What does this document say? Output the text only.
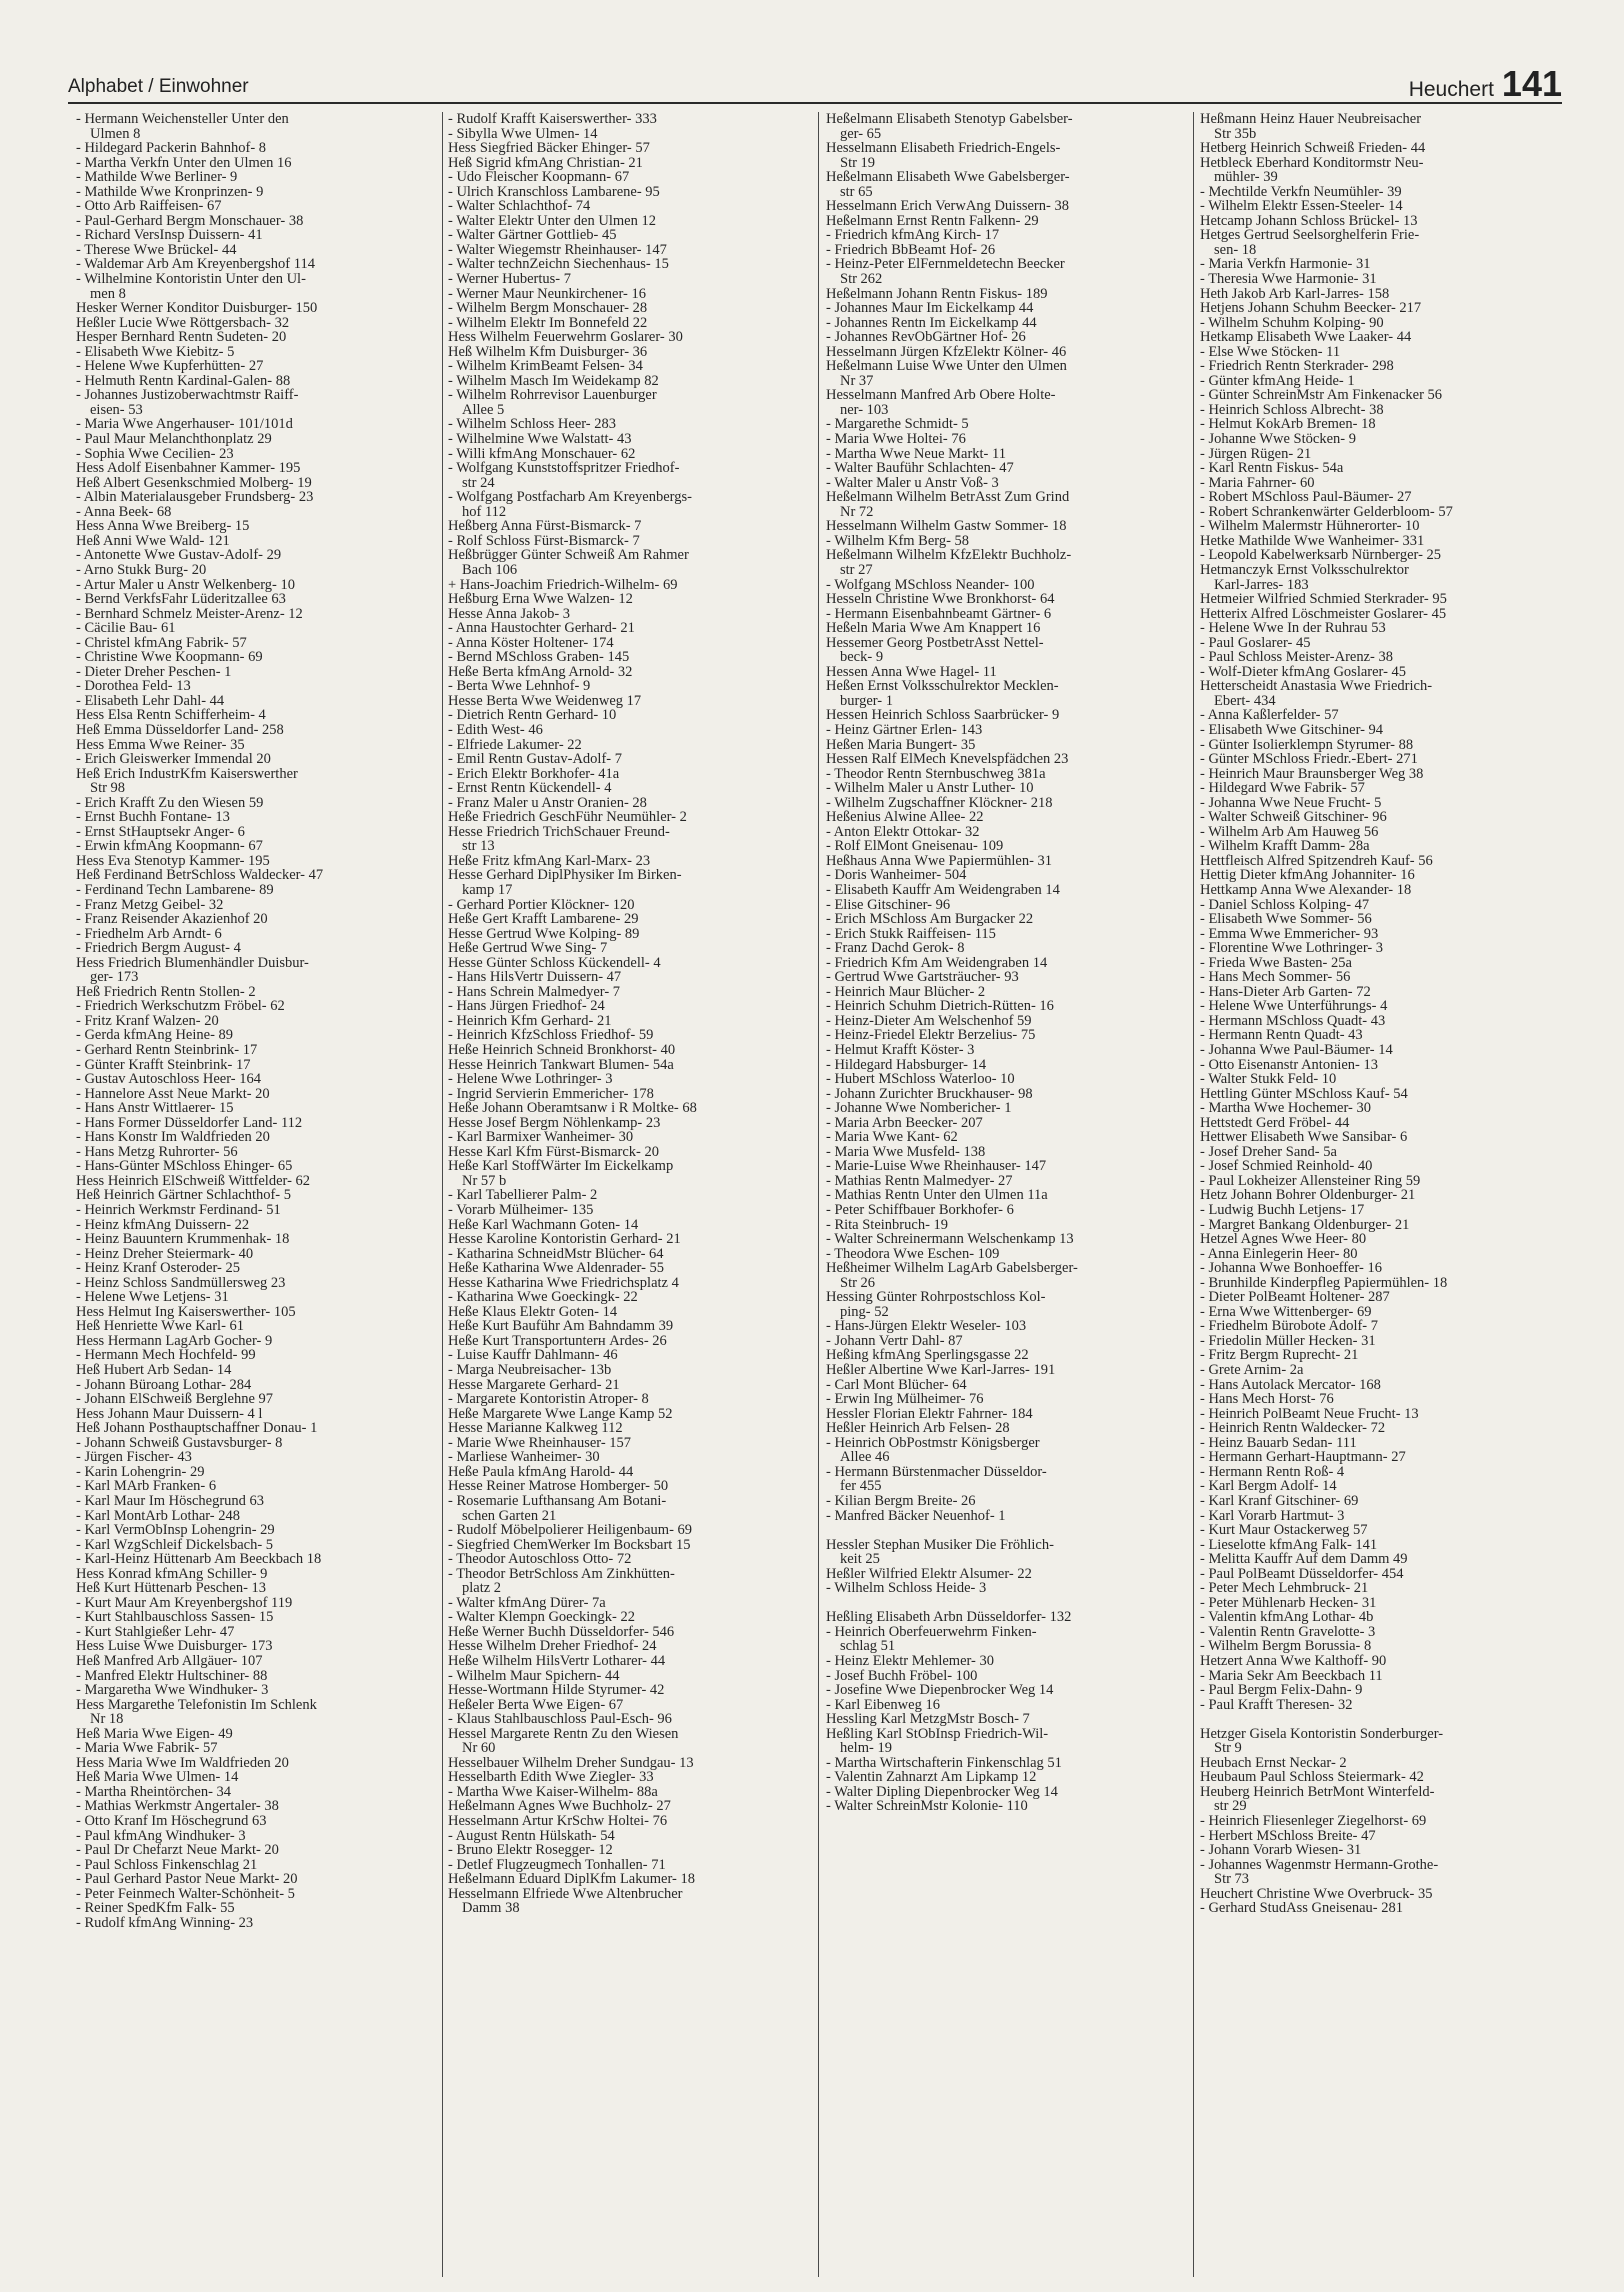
Alphabet / Einwohner	Heuchert 141
- Hermann Weichensteller Unter den
Ulmen 8
- Hildegard Packerin Bahnhof- 8
- Martha Verkfn Unter den Ulmen 16
- Mathilde Wwe Berliner- 9
- Mathilde Wwe Kronprinzen- 9
- Otto Arb Raiffeisen- 67
- Paul-Gerhard Bergm Monschauer- 38
- Richard VersInsp Duissern- 41
- Therese Wwe Brückel- 44
- Waldemar Arb Am Kreyenbergshof 114
- Wilhelmine Kontoristin Unter den Ul-
men 8
Hesker Werner Konditor Duisburger- 150
Heßler Lucie Wwe Röttgersbach- 32
Hesper Bernhard Rentn Sudeten- 20
- Elisabeth Wwe Kiebitz- 5
- Helene Wwe Kupferhütten- 27
- Helmuth Rentn Kardinal-Galen- 88
- Johannes Justizoberwachtmstr Raiff-
eisen- 53
- Maria Wwe Angerhauser- 101/101d
- Paul Maur Melanchthonplatz 29
- Sophia Wwe Cecilien- 23
Hess Adolf Eisenbahner Kammer- 195
Heß Albert Gesenkschmied Molberg- 19
- Albin Materialausgeber Frundsberg- 23
- Anna Beek- 68
Hess Anna Wwe Breiberg- 15
Heß Anni Wwe Wald- 121
- Antonette Wwe Gustav-Adolf- 29
- Arno Stukk Burg- 20
- Artur Maler u Anstr Welkenberg- 10
- Bernd VerkfsFahr Lüderitzallee 63
- Bernhard Schmelz Meister-Arenz- 12
- Cäcilie Bau- 61
- Christel kfmAng Fabrik- 57
- Christine Wwe Koopmann- 69
- Dieter Dreher Peschen- 1
- Dorothea Feld- 13
- Elisabeth Lehr Dahl- 44
Hess Elsa Rentn Schifferheim- 4
Heß Emma Düsseldorfer Land- 258
Hess Emma Wwe Reiner- 35
- Erich Gleiswerker Immendal 20
Heß Erich IndustrKfm Kaiserswerther
Str 98
- Erich Krafft Zu den Wiesen 59
- Ernst Buchh Fontane- 13
- Ernst StHauptsekr Anger- 6
- Erwin kfmAng Koopmann- 67
Hess Eva Stenotyp Kammer- 195
Heß Ferdinand BetrSchloss Waldecker- 47
- Ferdinand Techn Lambarene- 89
- Franz Metzg Geibel- 32
- Franz Reisender Akazienhof 20
- Friedhelm Arb Arndt- 6
- Friedrich Bergm August- 4
Hess Friedrich Blumenhändler Duisbur-
ger- 173
Heß Friedrich Rentn Stollen- 2
- Friedrich Werkschutzm Fröbel- 62
- Fritz Kranf Walzen- 20
- Gerda kfmAng Heine- 89
- Gerhard Rentn Steinbrink- 17
- Günter Krafft Steinbrink- 17
- Gustav Autoschloss Heer- 164
- Hannelore Asst Neue Markt- 20
- Hans Anstr Wittlaerer- 15
- Hans Former Düsseldorfer Land- 112
- Hans Konstr Im Waldfrieden 20
- Hans Metzg Ruhrorter- 56
- Hans-Günter MSchloss Ehinger- 65
Hess Heinrich ElSchweiß Wittfelder- 62
Heß Heinrich Gärtner Schlachthof- 5
- Heinrich Werkmstr Ferdinand- 51
- Heinz kfmAng Duissern- 22
- Heinz Bauuntern Krummenhak- 18
- Heinz Dreher Steiermark- 40
- Heinz Kranf Osteroder- 25
- Heinz Schloss Sandmüllersweg 23
- Helene Wwe Letjens- 31
Hess Helmut Ing Kaiserswerther- 105
Heß Henriette Wwe Karl- 61
Hess Hermann LagArb Gocher- 9
- Hermann Mech Hochfeld- 99
Heß Hubert Arb Sedan- 14
- Johann Büroang Lothar- 284
- Johann ElSchweiß Berglehne 97
Hess Johann Maur Duissern- 4 l
Heß Johann Posthauptschaffner Donau- 1
- Johann Schweiß Gustavsburger- 8
- Jürgen Fischer- 43
- Karin Lohengrin- 29
- Karl MArb Franken- 6
- Karl Maur Im Höschegrund 63
- Karl MontArb Lothar- 248
- Karl VermObInsp Lohengrin- 29
- Karl WzgSchleif Dickelsbach- 5
- Karl-Heinz Hüttenarb Am Beeckbach 18
Hess Konrad kfmAng Schiller- 9
Heß Kurt Hüttenarb Peschen- 13
- Kurt Maur Am Kreyenbergshof 119
- Kurt Stahlbauschloss Sassen- 15
- Kurt Stahlgießer Lehr- 47
Hess Luise Wwe Duisburger- 173
Heß Manfred Arb Allgäuer- 107
- Manfred Elektr Hultschiner- 88
- Margaretha Wwe Windhuker- 3
Hess Margarethe Telefonistin Im Schlenk
Nr 18
Heß Maria Wwe Eigen- 49
- Maria Wwe Fabrik- 57
Hess Maria Wwe Im Waldfrieden 20
Heß Maria Wwe Ulmen- 14
- Martha Rheintörchen- 34
- Mathias Werkmstr Angertaler- 38
- Otto Kranf Im Höschegrund 63
- Paul kfmAng Windhuker- 3
- Paul Dr Chefarzt Neue Markt- 20
- Paul Schloss Finkenschlag 21
- Paul Gerhard Pastor Neue Markt- 20
- Peter Feinmech Walter-Schönheit- 5
- Reiner SpedKfm Falk- 55
- Rudolf kfmAng Winning- 23
- Rudolf Krafft Kaiserswerther- 333
- Sibylla Wwe Ulmen- 14
Hess Siegfried Bäcker Ehinger- 57
Heß Sigrid kfmAng Christian- 21
- Udo Fleischer Koopmann- 67
- Ulrich Kranschloss Lambarene- 95
- Walter Schlachthof- 74
- Walter Elektr Unter den Ulmen 12
- Walter Gärtner Gottlieb- 45
- Walter Wiegemstr Rheinhauser- 147
- Walter technZeichn Siechenhaus- 15
- Werner Hubertus- 7
- Werner Maur Neunkirchener- 16
- Wilhelm Bergm Monschauer- 28
- Wilhelm Elektr Im Bonnefeld 22
Hess Wilhelm Feuerwehrm Goslarer- 30
Heß Wilhelm Kfm Duisburger- 36
- Wilhelm KrimBeamt Felsen- 34
- Wilhelm Masch Im Weidekamp 82
- Wilhelm Rohrrevisor Lauenburger
Allee 5
- Wilhelm Schloss Heer- 283
- Wilhelmine Wwe Walstatt- 43
- Willi kfmAng Monschauer- 62
- Wolfgang Kunststoffspritzer Friedhof-
str 24
- Wolfgang Postfacharb Am Kreyenbergs-
hof 112
Heßberg Anna Fürst-Bismarck- 7
- Rolf Schloss Fürst-Bismarck- 7
Heßbrügger Günter Schweiß Am Rahmer
Bach 106
+ Hans-Joachim Friedrich-Wilhelm- 69
Heßburg Erna Wwe Walzen- 12
Hesse Anna Jakob- 3
- Anna Haustochter Gerhard- 21
- Anna Köster Holtener- 174
- Bernd MSchloss Graben- 145
Heße Berta kfmAng Arnold- 32
- Berta Wwe Lehnhof- 9
Hesse Berta Wwe Weidenweg 17
- Dietrich Rentn Gerhard- 10
- Edith West- 46
- Elfriede Lakumer- 22
- Emil Rentn Gustav-Adolf- 7
- Erich Elektr Borkhofer- 41a
- Ernst Rentn Kückendell- 4
- Franz Maler u Anstr Oranien- 28
Heße Friedrich GeschFühr Neumühler- 2
Hesse Friedrich TrichSchauer Freund-
str 13
Heße Fritz kfmAng Karl-Marx- 23
Hesse Gerhard DiplPhysiker Im Birken-
kamp 17
- Gerhard Portier Klöckner- 120
Heße Gert Krafft Lambarene- 29
Hesse Gertrud Wwe Kolping- 89
Heße Gertrud Wwe Sing- 7
Hesse Günter Schloss Kückendell- 4
- Hans HilsVertr Duissern- 47
- Hans Schrein Malmedyer- 7
- Hans Jürgen Friedhof- 24
- Heinrich Kfm Gerhard- 21
- Heinrich KfzSchloss Friedhof- 59
Heße Heinrich Schneid Bronkhorst- 40
Hesse Heinrich Tankwart Blumen- 54a
- Helene Wwe Lothringer- 3
- Ingrid Servierin Emmericher- 178
Heße Johann Oberamtsanw i R Moltke- 68
Hesse Josef Bergm Nöhlenkamp- 23
- Karl Barmixer Wanheimer- 30
Hesse Karl Kfm Fürst-Bismarck- 20
Heße Karl StoffWärter Im Eickelkamp
Nr 57 b
- Karl Tabellierer Palm- 2
- Vorarb Mülheimer- 135
Heße Karl Wachmann Goten- 14
Hesse Karoline Kontoristin Gerhard- 21
- Katharina SchneidMstr Blücher- 64
Heße Katharina Wwe Aldenrader- 55
Hesse Katharina Wwe Friedrichsplatz 4
- Katharina Wwe Goeckingk- 22
Heße Klaus Elektr Goten- 14
Heße Kurt Bauführ Am Bahndamm 39
Heße Kurt Transportunterн Ardes- 26
- Luise Kauffr Dahlmann- 46
- Marga Neubreisacher- 13b
Hesse Margarete Gerhard- 21
- Margarete Kontoristin Atroper- 8
Heße Margarete Wwe Lange Kamp 52
Hesse Marianne Kalkweg 112
- Marie Wwe Rheinhauser- 157
- Marliese Wanheimer- 30
Heße Paula kfmAng Harold- 44
Hesse Reiner Matrose Homberger- 50
- Rosemarie Lufthansang Am Botani-
schen Garten 21
- Rudolf Möbelpolierer Heiligenbaum- 69
- Siegfried ChemWerker Im Bocksbart 15
- Theodor Autoschloss Otto- 72
- Theodor BetrSchloss Am Zinkhütten-
platz 2
- Walter kfmAng Dürer- 7a
- Walter Klempn Goeckingk- 22
Heße Werner Buchh Düsseldorfer- 546
Hesse Wilhelm Dreher Friedhof- 24
Heße Wilhelm HilsVertr Lotharer- 44
- Wilhelm Maur Spichern- 44
Hesse-Wortmann Hilde Styrumer- 42
Heßeler Berta Wwe Eigen- 67
- Klaus Stahlbauschloss Paul-Esch- 96
Hessel Margarete Rentn Zu den Wiesen
Nr 60
Hesselbauer Wilhelm Dreher Sundgau- 13
Hesselbarth Edith Wwe Ziegler- 33
- Martha Wwe Kaiser-Wilhelm- 88a
Heßelmann Agnes Wwe Buchholz- 27
Hesselmann Artur KrSchw Holtei- 76
- August Rentn Hülskath- 54
- Bruno Elektr Rosegger- 12
- Detlef Flugzeugmech Tonhallen- 71
Heßelmann Eduard DiplKfm Lakumer- 18
Hesselmann Elfriede Wwe Altenbrucher
Damm 38
Heßelmann Elisabeth Stenotyp Gabelsber-
ger- 65
Hesselmann Elisabeth Friedrich-Engels-
Str 19
Heßelmann Elisabeth Wwe Gabelsberger-
str 65
Hesselmann Erich VerwAng Duissern- 38
Heßelmann Ernst Rentn Falkenn- 29
- Friedrich kfmAng Kirch- 17
- Friedrich BbBeamt Hof- 26
- Heinz-Peter ElFernmeldetechn Beecker
Str 262
Heßelmann Johann Rentn Fiskus- 189
- Johannes Maur Im Eickelkamp 44
- Johannes Rentn Im Eickelkamp 44
- Johannes RevObGärtner Hof- 26
Hesselmann Jürgen KfzElektr Kölner- 46
Heßelmann Luise Wwe Unter den Ulmen
Nr 37
Hesselmann Manfred Arb Obere Holte-
ner- 103
- Margarethe Schmidt- 5
- Maria Wwe Holtei- 76
- Martha Wwe Neue Markt- 11
- Walter Bauführ Schlachten- 47
- Walter Maler u Anstr Voß- 3
Heßelmann Wilhelm BetrAsst Zum Grind
Nr 72
Hesselmann Wilhelm Gastw Sommer- 18
- Wilhelm Kfm Berg- 58
Heßelmann Wilhelm KfzElektr Buchholz-
str 27
- Wolfgang MSchloss Neander- 100
Hesseln Christine Wwe Bronkhorst- 64
- Hermann Eisenbahnbeamt Gärtner- 6
Heßeln Maria Wwe Am Knappert 16
Hessemer Georg PostbetrAsst Nettel-
beck- 9
Hessen Anna Wwe Hagel- 11
Heßen Ernst Volksschulrektor Mecklen-
burger- 1
Hessen Heinrich Schloss Saarbrücker- 9
- Heinz Gärtner Erlen- 143
Heßen Maria Bungert- 35
Hessen Ralf ElMech Knevelspfädchen 23
- Theodor Rentn Sternbuschweg 381a
- Wilhelm Maler u Anstr Luther- 10
- Wilhelm Zugschaffner Klöckner- 218
Heßenius Alwine Allee- 22
- Anton Elektr Ottokar- 32
- Rolf ElMont Gneisenau- 109
Heßhaus Anna Wwe Papiermühlen- 31
- Doris Wanheimer- 504
- Elisabeth Kauffr Am Weidengraben 14
- Elise Gitschiner- 96
- Erich MSchloss Am Burgacker 22
- Erich Stukk Raiffeisen- 115
- Franz Dachd Gerok- 8
- Friedrich Kfm Am Weidengraben 14
- Gertrud Wwe Gartsträucher- 93
- Heinrich Maur Blücher- 2
- Heinrich Schuhm Dietrich-Rütten- 16
- Heinz-Dieter Am Welschenhof 59
- Heinz-Friedel Elektr Berzelius- 75
- Helmut Krafft Köster- 3
- Hildegard Habsburger- 14
- Hubert MSchloss Waterloo- 10
- Johann Zurichter Bruckhauser- 98
- Johanne Wwe Nombericher- 1
- Maria Arbn Beecker- 207
- Maria Wwe Kant- 62
- Maria Wwe Musfeld- 138
- Marie-Luise Wwe Rheinhauser- 147
- Mathias Rentn Malmedyer- 27
- Mathias Rentn Unter den Ulmen 11a
- Peter Schiffbauer Borkhofer- 6
- Rita Steinbruch- 19
- Walter Schreinermann Welschenkamp 13
- Theodora Wwe Eschen- 109
Heßheimer Wilhelm LagArb Gabelsberger-
Str 26
Hessing Günter Rohrpostschloss Kol-
ping- 52
- Hans-Jürgen Elektr Weseler- 103
- Johann Vertr Dahl- 87
Heßing kfmAng Sperlingsgasse 22
Heßler Albertine Wwe Karl-Jarres- 191
- Carl Mont Blücher- 64
- Erwin Ing Mülheimer- 76
Hessler Florian Elektr Fahrner- 184
Heßler Heinrich Arb Felsen- 28
- Heinrich ObPostmstr Königsberger
Allee 46
- Hermann Bürstenmacher Düsseldor-
fer 455
- Kilian Bergm Breite- 26
- Manfred Bäcker Neuenhof- 1

Hessler Stephan Musiker Die Fröhlich-
keit 25
Heßler Wilfried Elektr Alsumer- 22
- Wilhelm Schloss Heide- 3

Heßling Elisabeth Arbn Düsseldorfer- 132
- Heinrich Oberfeuerwehrm Finken-
schlag 51
- Heinz Elektr Mehlemer- 30
- Josef Buchh Fröbel- 100
- Josefine Wwe Diepenbrocker Weg 14
- Karl Eibenweg 16
Hessling Karl MetzgMstr Bosch- 7
Heßling Karl StObInsp Friedrich-Wil-
helm- 19
- Martha Wirtschafterin Finkenschlag 51
- Valentin Zahnarzt Am Lipkamp 12
- Walter Dipling Diepenbrocker Weg 14
- Walter SchreinMstr Kolonie- 110
Heßmann Heinz Hauer Neubreisacher
Str 35b
Hetberg Heinrich Schweiß Frieden- 44
Hetbleck Eberhard Konditormstr Neu-
mühler- 39
- Mechtilde Verkfn Neumühler- 39
- Wilhelm Elektr Essen-Steeler- 14
Hetcamp Johann Schloss Brückel- 13
Hetges Gertrud Seelsorghelferin Frie-
sen- 18
- Maria Verkfn Harmonie- 31
- Theresia Wwe Harmonie- 31
Heth Jakob Arb Karl-Jarres- 158
Hetjens Johann Schuhm Beecker- 217
- Wilhelm Schuhm Kolping- 90
Hetkamp Elisabeth Wwe Laaker- 44
- Else Wwe Stöcken- 11
- Friedrich Rentn Sterkrader- 298
- Günter kfmAng Heide- 1
- Günter SchreinMstr Am Finkenacker 56
- Heinrich Schloss Albrecht- 38
- Helmut KokArb Bremen- 18
- Johanne Wwe Stöcken- 9
- Jürgen Rügen- 21
- Karl Rentn Fiskus- 54a
- Maria Fahrner- 60
- Robert MSchloss Paul-Bäumer- 27
- Robert Schrankenwärter Gelderbloom- 57
- Wilhelm Malermstr Hühnerorter- 10
Hetke Mathilde Wwe Wanheimer- 331
- Leopold Kabelwerksarb Nürnberger- 25
Hetmanczyk Ernst Volksschulrektor
Karl-Jarres- 183
Hetmeier Wilfried Schmied Sterkrader- 95
Hetterix Alfred Löschmeister Goslarer- 45
- Helene Wwe In der Ruhrau 53
- Paul Goslarer- 45
- Paul Schloss Meister-Arenz- 38
- Wolf-Dieter kfmAng Goslarer- 45
Hetterscheidt Anastasia Wwe Friedrich-
Ebert- 434
- Anna Kaßlerfelder- 57
- Elisabeth Wwe Gitschiner- 94
- Günter Isolierklempn Styrumer- 88
- Günter MSchloss Friedr.-Ebert- 271
- Heinrich Maur Braunsberger Weg 38
- Hildegard Wwe Fabrik- 57
- Johanna Wwe Neue Frucht- 5
- Walter Schweiß Gitschiner- 96
- Wilhelm Arb Am Hauweg 56
- Wilhelm Krafft Damm- 28a
Hettfleisch Alfred Spitzendreh Kauf- 56
Hettig Dieter kfmAng Johanniter- 16
Hettkamp Anna Wwe Alexander- 18
- Daniel Schloss Kolping- 47
- Elisabeth Wwe Sommer- 56
- Emma Wwe Emmericher- 93
- Florentine Wwe Lothringer- 3
- Frieda Wwe Basten- 25a
- Hans Mech Sommer- 56
- Hans-Dieter Arb Garten- 72
- Helene Wwe Unterführungs- 4
- Hermann MSchloss Quadt- 43
- Hermann Rentn Quadt- 43
- Johanna Wwe Paul-Bäumer- 14
- Otto Eisenanstr Antonien- 13
- Walter Stukk Feld- 10
Hettling Günter MSchloss Kauf- 54
- Martha Wwe Hochemer- 30
Hettstedt Gerd Fröbel- 44
Hettwer Elisabeth Wwe Sansibar- 6
- Josef Dreher Sand- 5a
- Josef Schmied Reinhold- 40
- Paul Lokheizer Allensteiner Ring 59
Hetz Johann Bohrer Oldenburger- 21
- Ludwig Buchh Letjens- 17
- Margret Bankang Oldenburger- 21
Hetzel Agnes Wwe Heer- 80
- Anna Einlegerin Heer- 80
- Johanna Wwe Bonhoeffer- 16
- Brunhilde Kinderpfleg Papiermühlen- 18
- Dieter PolBeamt Holtener- 287
- Erna Wwe Wittenberger- 69
- Friedhelm Bürobote Adolf- 7
- Friedolin Müller Hecken- 31
- Fritz Bergm Ruprecht- 21
- Grete Arnim- 2a
- Hans Autolack Mercator- 168
- Hans Mech Horst- 76
- Heinrich PolBeamt Neue Frucht- 13
- Heinrich Rentn Waldecker- 72
- Heinz Bauarb Sedan- 111
- Hermann Gerhart-Hauptmann- 27
- Hermann Rentn Roß- 4
- Karl Bergm Adolf- 14
- Karl Kranf Gitschiner- 69
- Karl Vorarb Hartmut- 3
- Kurt Maur Ostackerweg 57
- Lieselotte kfmAng Falk- 141
- Melitta Kauffr Auf dem Damm 49
- Paul PolBeamt Düsseldorfer- 454
- Peter Mech Lehmbruck- 21
- Peter Mühlenarb Hecken- 31
- Valentin kfmAng Lothar- 4b
- Valentin Rentn Gravelotte- 3
- Wilhelm Bergm Borussia- 8
Hetzert Anna Wwe Kalthoff- 90
- Maria Sekr Am Beeckbach 11
- Paul Bergm Felix-Dahn- 9
- Paul Krafft Theresen- 32

Hetzger Gisela Kontoristin Sonderburger-
Str 9
Heubach Ernst Neckar- 2
Heubaum Paul Schloss Steiermark- 42
Heuberg Heinrich BetrMont Winterfeld-
str 29
- Heinrich Fliesenleger Ziegelhorst- 69
- Herbert MSchloss Breite- 47
- Johann Vorarb Wiesen- 31
- Johannes Wagenmstr Hermann-Grothe-
Str 73
Heuchert Christine Wwe Overbruck- 35
- Gerhard StudAss Gneisenau- 281
